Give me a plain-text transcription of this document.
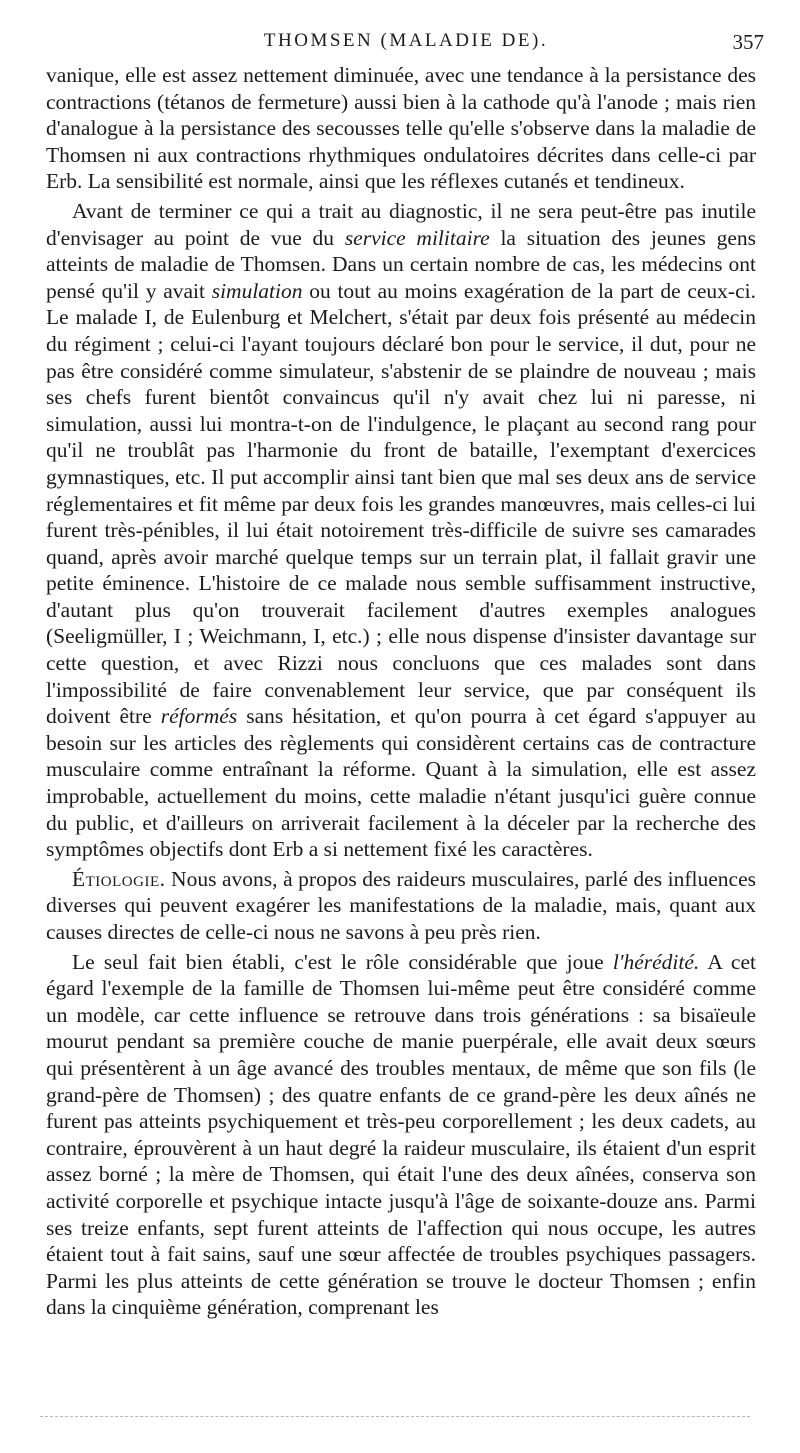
THOMSEN (MALADIE DE).	357

vanique, elle est assez nettement diminuée, avec une tendance à la persistance des contractions (tétanos de fermeture) aussi bien à la cathode qu'à l'anode ; mais rien d'analogue à la persistance des secousses telle qu'elle s'observe dans la maladie de Thomsen ni aux contractions rhythmiques ondulatoires décrites dans celle-ci par Erb. La sensibilité est normale, ainsi que les réflexes cutanés et tendineux.

Avant de terminer ce qui a trait au diagnostic, il ne sera peut-être pas inutile d'envisager au point de vue du service militaire la situation des jeunes gens atteints de maladie de Thomsen. Dans un certain nombre de cas, les médecins ont pensé qu'il y avait simulation ou tout au moins exagération de la part de ceux-ci. Le malade I, de Eulenburg et Melchert, s'était par deux fois présenté au médecin du régiment ; celui-ci l'ayant toujours déclaré bon pour le service, il dut, pour ne pas être considéré comme simulateur, s'abstenir de se plaindre de nouveau ; mais ses chefs furent bientôt convaincus qu'il n'y avait chez lui ni paresse, ni simulation, aussi lui montra-t-on de l'indulgence, le plaçant au second rang pour qu'il ne troublât pas l'harmonie du front de bataille, l'exemptant d'exercices gymnastiques, etc. Il put accomplir ainsi tant bien que mal ses deux ans de service réglementaires et fit même par deux fois les grandes manœuvres, mais celles-ci lui furent très-pénibles, il lui était notoirement très-difficile de suivre ses camarades quand, après avoir marché quelque temps sur un terrain plat, il fallait gravir une petite éminence. L'histoire de ce malade nous semble suffisamment instructive, d'autant plus qu'on trouverait facilement d'autres exemples analogues (Seeligmüller, I ; Weichmann, I, etc.) ; elle nous dispense d'insister davantage sur cette question, et avec Rizzi nous concluons que ces malades sont dans l'impossibilité de faire convenablement leur service, que par conséquent ils doivent être réformés sans hésitation, et qu'on pourra à cet égard s'appuyer au besoin sur les articles des règlements qui considèrent certains cas de contracture musculaire comme entraînant la réforme. Quant à la simulation, elle est assez improbable, actuellement du moins, cette maladie n'étant jusqu'ici guère connue du public, et d'ailleurs on arriverait facilement à la déceler par la recherche des symptômes objectifs dont Erb a si nettement fixé les caractères.

Étiologie. Nous avons, à propos des raideurs musculaires, parlé des influences diverses qui peuvent exagérer les manifestations de la maladie, mais, quant aux causes directes de celle-ci nous ne savons à peu près rien.

Le seul fait bien établi, c'est le rôle considérable que joue l'hérédité. A cet égard l'exemple de la famille de Thomsen lui-même peut être considéré comme un modèle, car cette influence se retrouve dans trois générations : sa bisaïeule mourut pendant sa première couche de manie puerpérale, elle avait deux sœurs qui présentèrent à un âge avancé des troubles mentaux, de même que son fils (le grand-père de Thomsen) ; des quatre enfants de ce grand-père les deux aînés ne furent pas atteints psychiquement et très-peu corporellement ; les deux cadets, au contraire, éprouvèrent à un haut degré la raideur musculaire, ils étaient d'un esprit assez borné ; la mère de Thomsen, qui était l'une des deux aînées, conserva son activité corporelle et psychique intacte jusqu'à l'âge de soixante-douze ans. Parmi ses treize enfants, sept furent atteints de l'affection qui nous occupe, les autres étaient tout à fait sains, sauf une sœur affectée de troubles psychiques passagers. Parmi les plus atteints de cette génération se trouve le docteur Thomsen ; enfin dans la cinquième génération, comprenant les
